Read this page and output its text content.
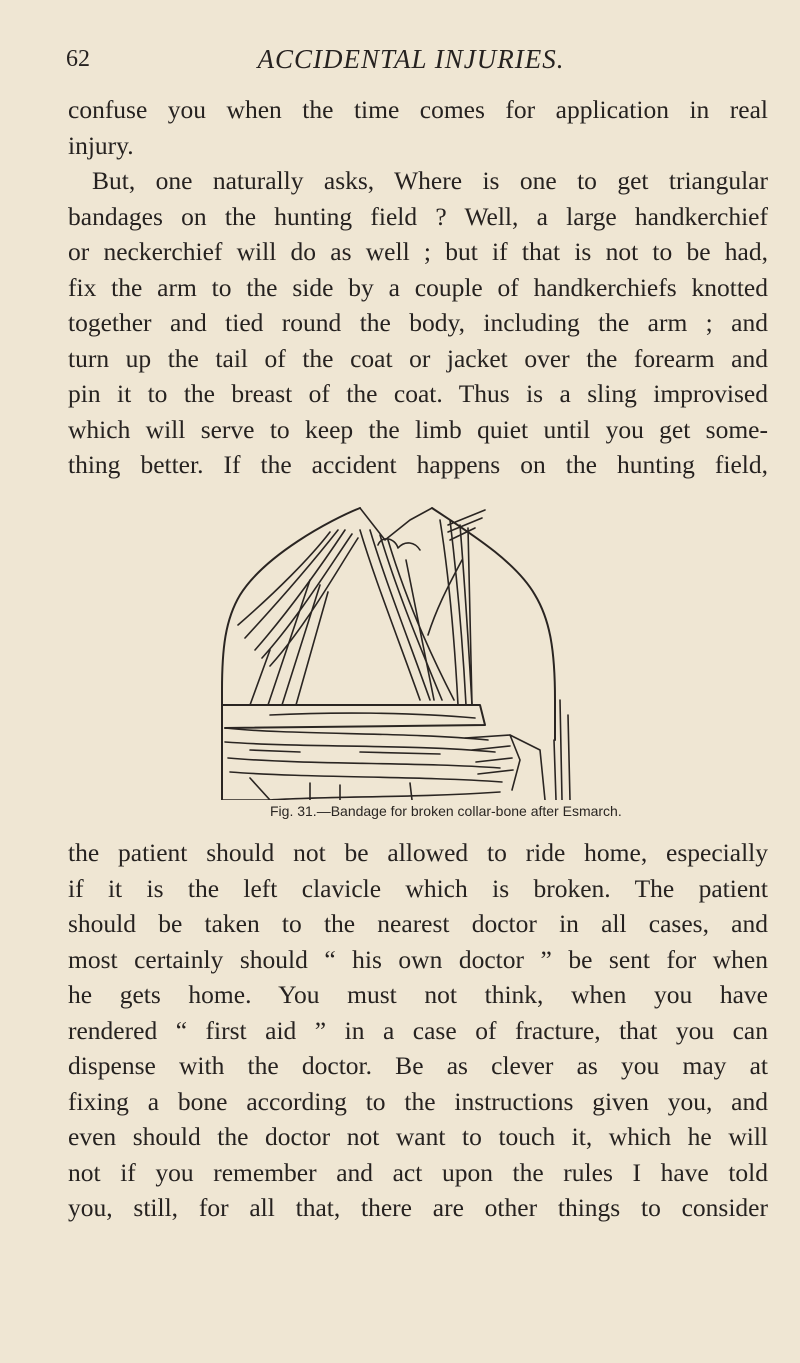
62	ACCIDENTAL INJURIES.
confuse you when the time comes for application in real
injury.
But, one naturally asks, Where is one to get triangular
bandages on the hunting field ? Well, a large handkerchief
or neckerchief will do as well ; but if that is not to be had,
fix the arm to the side by a couple of handkerchiefs knotted
together and tied round the body, including the arm ; and
turn up the tail of the coat or jacket over the forearm and
pin it to the breast of the coat. Thus is a sling improvised
which will serve to keep the limb quiet until you get some-
thing better. If the accident happens on the hunting field,
Fig. 31.—Bandage for broken collar-bone after Esmarch.
the patient should not be allowed to ride home, especially
if it is the left clavicle which is broken. The patient
should be taken to the nearest doctor in all cases, and
most certainly should “ his own doctor ” be sent for when
he gets home. You must not think, when you have
rendered “ first aid ” in a case of fracture, that you can
dispense with the doctor. Be as clever as you may at
fixing a bone according to the instructions given you, and
even should the doctor not want to touch it, which he will
not if you remember and act upon the rules I have told
you, still, for all that, there are other things to consider
